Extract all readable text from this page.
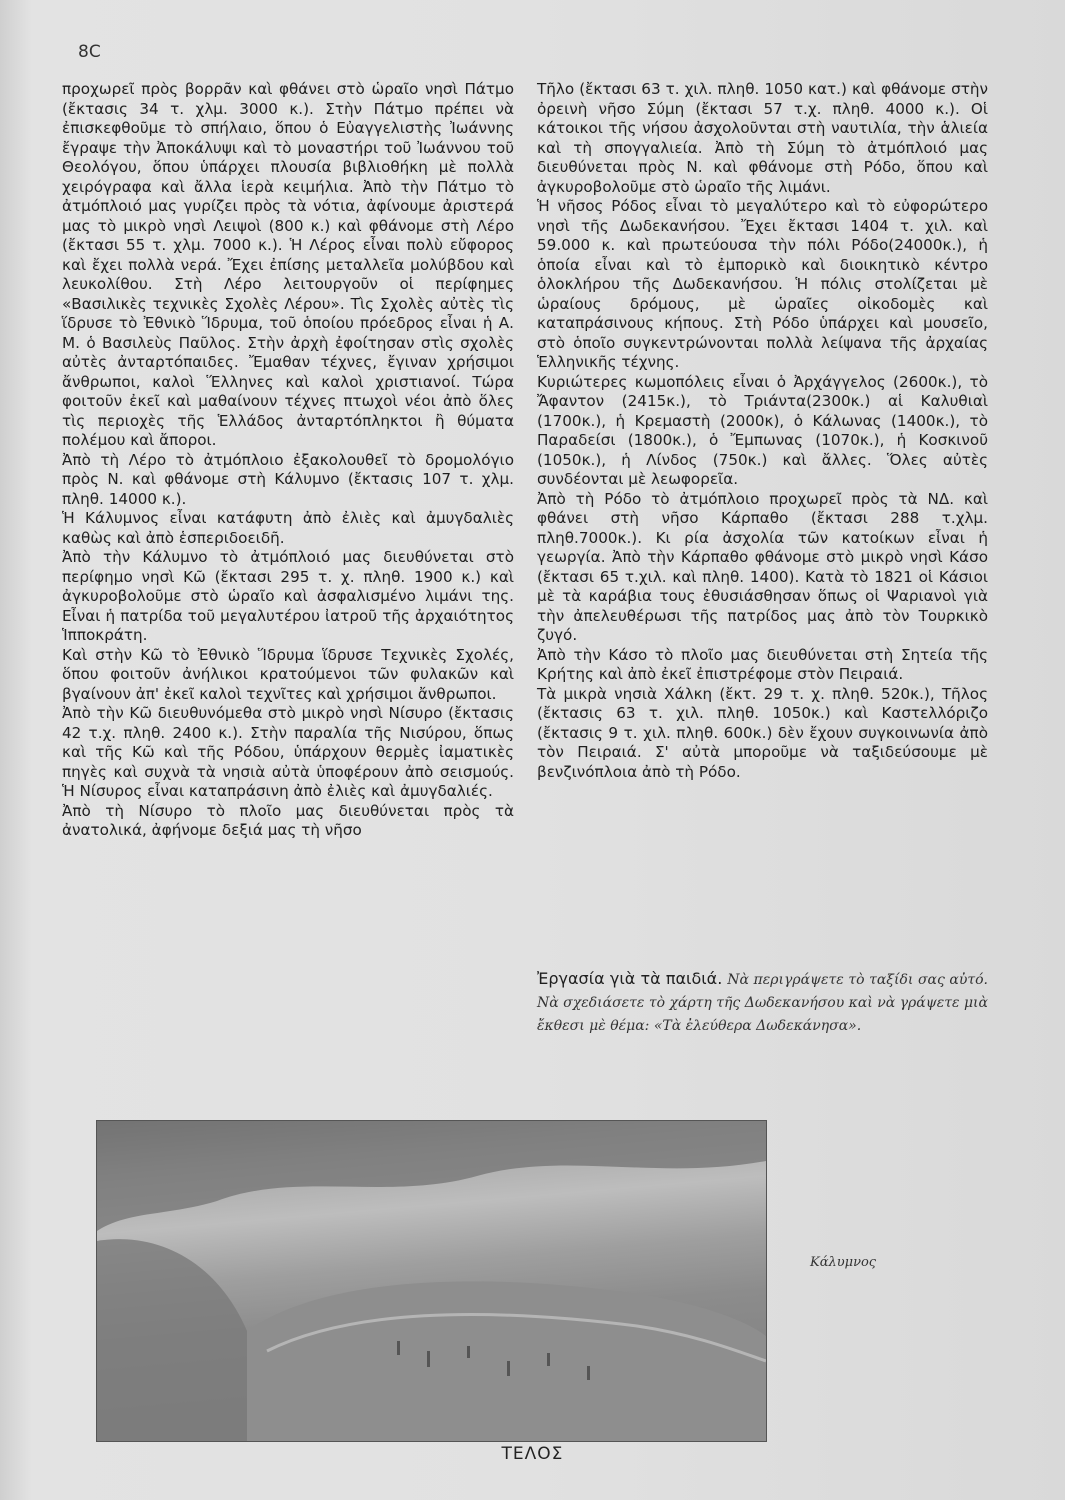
8C

προχωρεῖ πρὸς βορρᾶν καὶ φθάνει στὸ ὡραῖο νησὶ Πάτμο (ἔκτασις 34 τ. χλμ. 3000 κ.). Στὴν Πάτμο πρέπει νὰ ἐπισκεφθοῦμε τὸ σπήλαιο, ὅπου ὁ Εὐαγγελιστὴς Ἰωάννης ἔγραψε τὴν Ἀποκάλυψι καὶ τὸ μοναστήρι τοῦ Ἰωάννου τοῦ Θεολόγου, ὅπου ὑπάρχει πλουσία βιβλιοθήκη μὲ πολλὰ χειρόγραφα καὶ ἄλλα ἱερὰ κειμήλια. Ἀπὸ τὴν Πάτμο τὸ ἀτμόπλοιό μας γυρίζει πρὸς τὰ νότια, ἀφίνουμε ἀριστερά μας τὸ μικρὸ νησὶ Λειψοὶ (800 κ.) καὶ φθάνομε στὴ Λέρο (ἔκτασι 55 τ. χλμ. 7000 κ.). Ἡ Λέρος εἶναι πολὺ εὔφορος καὶ ἔχει πολλὰ νερά. Ἔχει ἐπίσης μεταλλεῖα μολύβδου καὶ λευκολίθου. Στὴ Λέρο λειτουργοῦν οἱ περίφημες «Βασιλικὲς τεχνικὲς Σχολὲς Λέρου». Τὶς Σχολὲς αὐτὲς τὶς ἵδρυσε τὸ Ἐθνικὸ Ἵδρυμα, τοῦ ὁποίου πρόεδρος εἶναι ἡ Α. Μ. ὁ Βασιλεὺς Παῦλος. Στὴν ἀρχὴ ἐφοίτησαν στὶς σχολὲς αὐτὲς ἀνταρτόπαιδες. Ἔμαθαν τέχνες, ἔγιναν χρήσιμοι ἄνθρωποι, καλοὶ Ἕλληνες καὶ καλοὶ χριστιανοί. Τώρα φοιτοῦν ἐκεῖ καὶ μαθαίνουν τέχνες πτωχοὶ νέοι ἀπὸ ὅλες τὶς περιοχὲς τῆς Ἑλλάδος ἀνταρτόπληκτοι ἢ θύματα πολέμου καὶ ἄποροι.

Ἀπὸ τὴ Λέρο τὸ ἀτμόπλοιο ἐξακολουθεῖ τὸ δρομολόγιο πρὸς Ν. καὶ φθάνομε στὴ Κάλυμνο (ἔκτασις 107 τ. χλμ. πληθ. 14000 κ.).

Ἡ Κάλυμνος εἶναι κατάφυτη ἀπὸ ἐλιὲς καὶ ἀμυγδαλιὲς καθὼς καὶ ἀπὸ ἑσπεριδοειδῆ.

Ἀπὸ τὴν Κάλυμνο τὸ ἀτμόπλοιό μας διευθύνεται στὸ περίφημο νησὶ Κῶ (ἔκτασι 295 τ. χ. πληθ. 1900 κ.) καὶ ἀγκυροβολοῦμε στὸ ὡραῖο καὶ ἀσφαλισμένο λιμάνι της. Εἶναι ἡ πατρίδα τοῦ μεγαλυτέρου ἰατροῦ τῆς ἀρχαιότητος Ἱπποκράτη.

Καὶ στὴν Κῶ τὸ Ἐθνικὸ Ἵδρυμα ἵδρυσε Τεχνικὲς Σχολές, ὅπου φοιτοῦν ἀνήλικοι κρατούμενοι τῶν φυλακῶν καὶ βγαίνουν ἀπ' ἐκεῖ καλοὶ τεχνῖτες καὶ χρήσιμοι ἄνθρωποι.

Ἀπὸ τὴν Κῶ διευθυνόμεθα στὸ μικρὸ νησὶ Νίσυρο (ἔκτασις 42 τ.χ. πληθ. 2400 κ.). Στὴν παραλία τῆς Νισύρου, ὅπως καὶ τῆς Κῶ καὶ τῆς Ρόδου, ὑπάρχουν θερμὲς ἰαματικὲς πηγὲς καὶ συχνὰ τὰ νησιὰ αὐτὰ ὑποφέρουν ἀπὸ σεισμούς. Ἡ Νίσυρος εἶναι καταπράσινη ἀπὸ ἐλιὲς καὶ ἀμυγδαλιές.

Ἀπὸ τὴ Νίσυρο τὸ πλοῖο μας διευθύνεται πρὸς τὰ ἀνατολικά, ἀφήνομε δεξιά μας τὴ νῆσο

Τῆλο (ἔκτασι 63 τ. χιλ. πληθ. 1050 κατ.) καὶ φθάνομε στὴν ὀρεινὴ νῆσο Σύμη (ἔκτασι 57 τ.χ. πληθ. 4000 κ.). Οἱ κάτοικοι τῆς νήσου ἀσχολοῦνται στὴ ναυτιλία, τὴν ἁλιεία καὶ τὴ σπογγαλιεία. Ἀπὸ τὴ Σύμη τὸ ἀτμόπλοιό μας διευθύνεται πρὸς Ν. καὶ φθάνομε στὴ Ρόδο, ὅπου καὶ ἀγκυροβολοῦμε στὸ ὡραῖο τῆς λιμάνι.

Ἡ νῆσος Ρόδος εἶναι τὸ μεγαλύτερο καὶ τὸ εὐφορώτερο νησὶ τῆς Δωδεκανήσου. Ἔχει ἔκτασι 1404 τ. χιλ. καὶ 59.000 κ. καὶ πρωτεύουσα τὴν πόλι Ρόδο(24000κ.), ἡ ὁποία εἶναι καὶ τὸ ἐμπορικὸ καὶ διοικητικὸ κέντρο ὁλοκλήρου τῆς Δωδεκανήσου. Ἡ πόλις στολίζεται μὲ ὡραίους δρόμους, μὲ ὡραῖες οἰκοδομὲς καὶ καταπράσινους κήπους. Στὴ Ρόδο ὑπάρχει καὶ μουσεῖο, στὸ ὁποῖο συγκεντρώνονται πολλὰ λείψανα τῆς ἀρχαίας Ἑλληνικῆς τέχνης.

Κυριώτερες κωμοπόλεις εἶναι ὁ Ἀρχάγγελος (2600κ.), τὸ Ἄφαντον (2415κ.), τὸ Τριάντα(2300κ.) αἱ Καλυθιαὶ (1700κ.), ἡ Κρεμαστὴ (2000κ), ὁ Κάλωνας (1400κ.), τὸ Παραδείσι (1800κ.), ὁ Ἔμπωνας (1070κ.), ἡ Κοσκινοῦ (1050κ.), ἡ Λίνδος (750κ.) καὶ ἄλλες. Ὅλες αὐτὲς συνδέονται μὲ λεωφορεῖα.

Ἀπὸ τὴ Ρόδο τὸ ἀτμόπλοιο προχωρεῖ πρὸς τὰ ΝΔ. καὶ φθάνει στὴ νῆσο Κάρπαθο (ἔκτασι 288 τ.χλμ. πληθ.7000κ.). Κι ρία ἀσχολία τῶν κατοίκων εἶναι ἡ γεωργία. Ἀπὸ τὴν Κάρπαθο φθάνομε στὸ μικρὸ νησὶ Κάσο (ἔκτασι 65 τ.χιλ. καὶ πληθ. 1400). Κατὰ τὸ 1821 οἱ Κάσιοι μὲ τὰ καράβια τους ἐθυσιάσθησαν ὅπως οἱ Ψαριανοὶ γιὰ τὴν ἀπελευθέρωσι τῆς πατρίδος μας ἀπὸ τὸν Τουρκικὸ ζυγό.

Ἀπὸ τὴν Κάσο τὸ πλοῖο μας διευθύνεται στὴ Σητεία τῆς Κρήτης καὶ ἀπὸ ἐκεῖ ἐπιστρέφομε στὸν Πειραιά.

Τὰ μικρὰ νησιὰ Χάλκη (ἔκτ. 29 τ. χ. πληθ. 520κ.), Τῆλος (ἔκτασις 63 τ. χιλ. πληθ. 1050κ.) καὶ Καστελλόριζο (ἔκτασις 9 τ. χιλ. πληθ. 600κ.) δὲν ἔχουν συγκοινωνία ἀπὸ τὸν Πειραιά. Σ' αὐτὰ μποροῦμε νὰ ταξιδεύσουμε μὲ βενζινόπλοια ἀπὸ τὴ Ρόδο.

Ἐργασία γιὰ τὰ παιδιά. Νὰ περιγράψετε τὸ ταξίδι σας αὐτό. Νὰ σχεδιάσετε τὸ χάρτη τῆς Δωδεκανήσου καὶ νὰ γράψετε μιὰ ἔκθεσι μὲ θέμα: «Τὰ ἐλεύθερα Δωδεκάνησα».
Κάλυμνος
ΤΕΛΟΣ
